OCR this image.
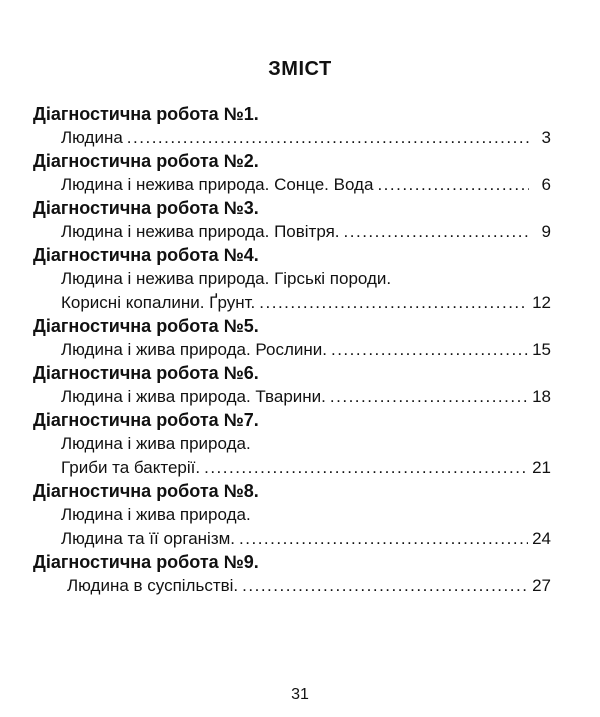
ЗМІСТ
Діагностична робота №1.
Людина .....	3
Діагностична робота №2.
Людина і нежива природа. Сонце. Вода .....	6
Діагностична робота №3.
Людина і нежива природа. Повітря. .....	9
Діагностична робота №4.
Людина і нежива природа. Гірські породи.
Корисні копалини. Ґрунт. .....	12
Діагностична робота №5.
Людина і жива природа. Рослини. .....	15
Діагностична робота №6.
Людина і жива природа. Тварини. .....	18
Діагностична робота №7.
Людина і жива природа.
Гриби та бактерії. .....	21
Діагностична робота №8.
Людина і жива природа.
Людина та її організм. .....	24
Діагностична робота №9.
Людина в суспільстві. .....	27
31
